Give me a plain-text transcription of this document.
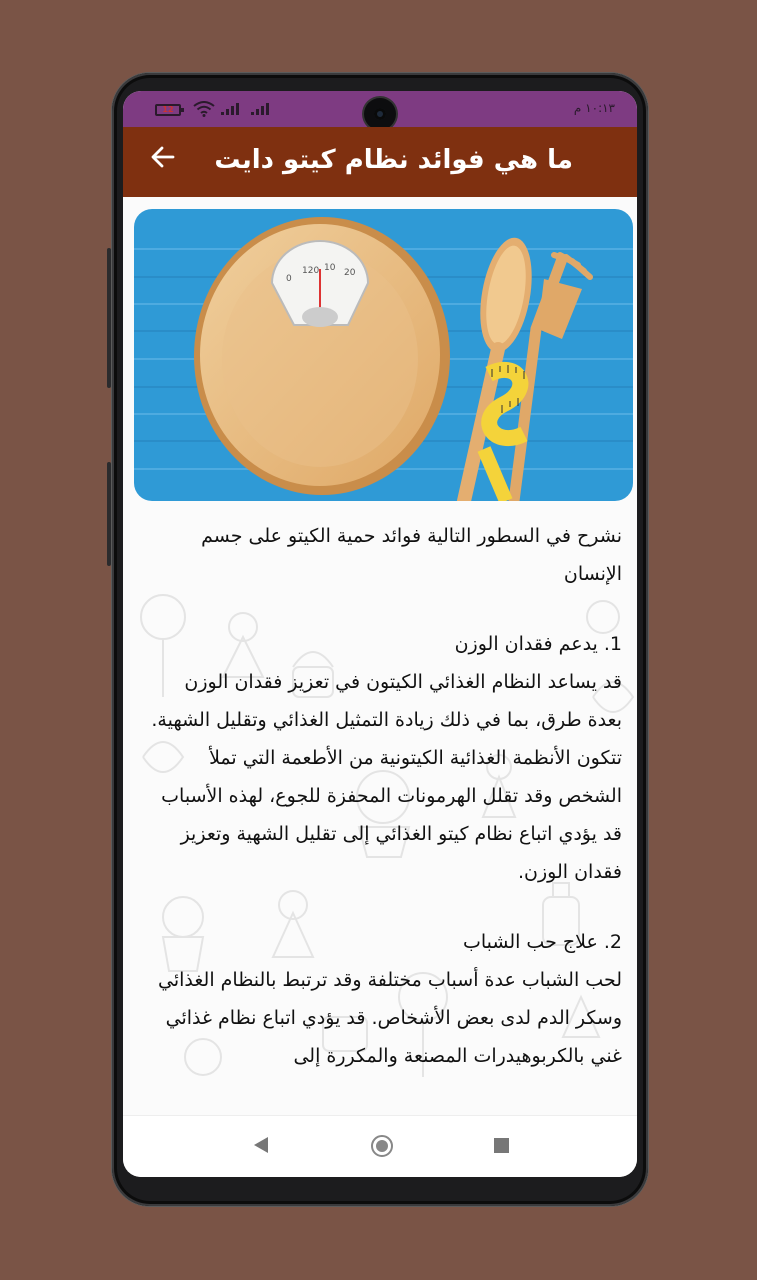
12	١٠:١٣ م
ما هي فوائد نظام كيتو دايت
0
120 10 20

نشرح في السطور التالية فوائد حمية الكيتو على جسم الإنسان

1. يدعم فقدان الوزن

قد يساعد النظام الغذائي الكيتون في تعزيز فقدان الوزن بعدة طرق، بما في ذلك زيادة التمثيل الغذائي وتقليل الشهية.

تتكون الأنظمة الغذائية الكيتونية من الأطعمة التي تملأ الشخص وقد تقلل الهرمونات المحفزة للجوع، لهذه الأسباب قد يؤدي اتباع نظام كيتو الغذائي إلى تقليل الشهية وتعزيز فقدان الوزن.

2. علاج حب الشباب

لحب الشباب عدة أسباب مختلفة وقد ترتبط بالنظام الغذائي وسكر الدم لدى بعض الأشخاص. قد يؤدي اتباع نظام غذائي غني بالكربوهيدرات المصنعة والمكررة إلى
